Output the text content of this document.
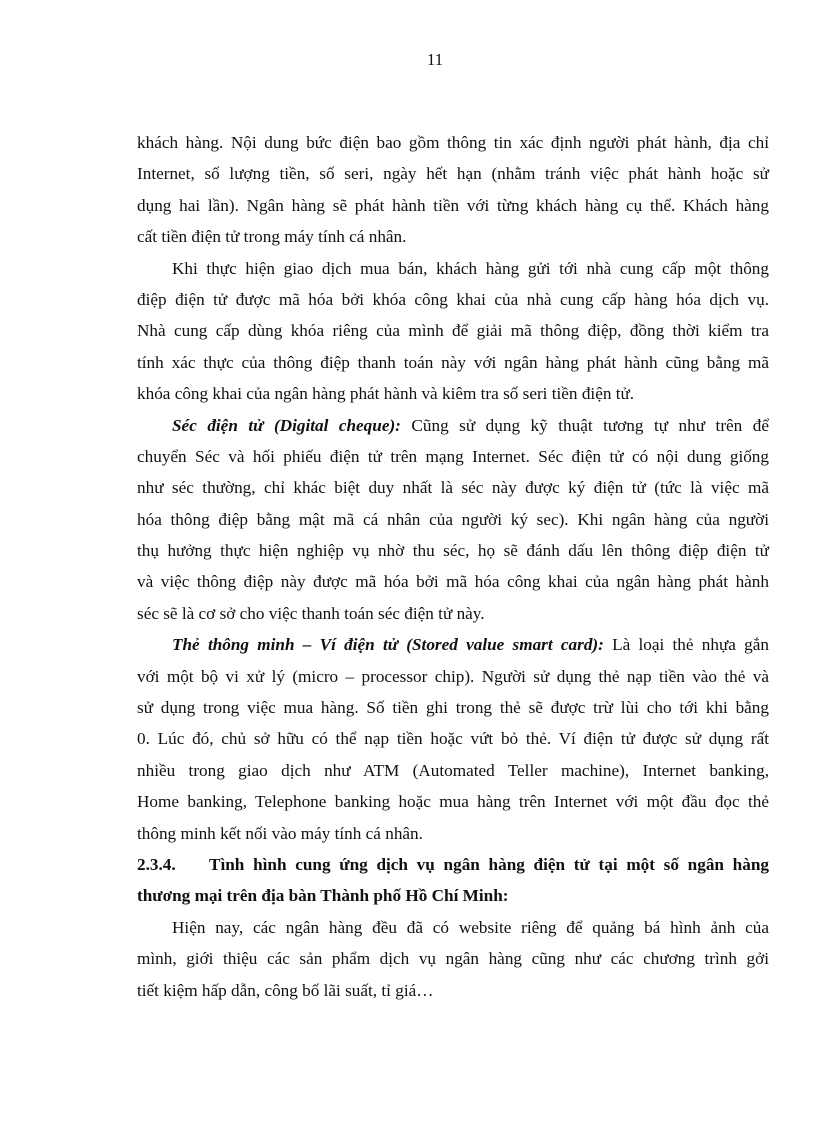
11
khách hàng. Nội dung bức điện bao gồm thông tin xác định người phát hành, địa chỉ
Internet, số lượng tiền, số seri, ngày hết hạn (nhằm tránh việc phát hành hoặc sử
dụng hai lần). Ngân hàng sẽ phát hành tiền với từng khách hàng cụ thể. Khách hàng
cất tiền điện tử trong máy tính cá nhân.
Khi thực hiện giao dịch mua bán, khách hàng gửi tới nhà cung cấp một thông
điệp điện tử được mã hóa bởi khóa công khai của nhà cung cấp hàng hóa dịch vụ.
Nhà cung cấp dùng khóa riêng của mình để giải mã thông điệp, đồng thời kiểm tra
tính xác thực của thông điệp thanh toán này với ngân hàng phát hành cũng bằng mã
khóa công khai của ngân hàng phát hành và kiêm tra số seri tiền điện tử.
Séc điện tử (Digital cheque): Cũng sử dụng kỹ thuật tương tự như trên để
chuyển Séc và hối phiếu điện tử trên mạng Internet. Séc điện tử có nội dung giống
như séc thường, chỉ khác biệt duy nhất là séc này được ký điện tử (tức là việc mã
hóa thông điệp bằng mật mã cá nhân của người ký sec). Khi ngân hàng của người
thụ hưởng thực hiện nghiệp vụ nhờ thu séc, họ sẽ đánh dấu lên thông điệp điện tử
và việc thông điệp này được mã hóa bởi mã hóa công khai của ngân hàng phát hành
séc sẽ là cơ sở cho việc thanh toán séc điện tử này.
Thẻ thông minh – Ví điện tử (Stored value smart card): Là loại thẻ nhựa gắn
với một bộ vi xử lý (micro – processor chip). Người sử dụng thẻ nạp tiền vào thẻ và
sử dụng trong việc mua hàng. Số tiền ghi trong thẻ sẽ được trừ lùi cho tới khi bằng
0. Lúc đó, chủ sở hữu có thể nạp tiền hoặc vứt bỏ thẻ. Ví điện tử được sử dụng rất
nhiều trong giao dịch như ATM (Automated Teller machine), Internet banking,
Home banking, Telephone banking hoặc mua hàng trên Internet với một đầu đọc thẻ
thông minh kết nối vào máy tính cá nhân.
2.3.4. Tình hình cung ứng dịch vụ ngân hàng điện tử tại một số ngân hàng
thương mại trên địa bàn Thành phố Hồ Chí Minh:
Hiện nay, các ngân hàng đều đã có website riêng để quảng bá hình ảnh của
mình, giới thiệu các sản phẩm dịch vụ ngân hàng cũng như các chương trình gởi
tiết kiệm hấp dẫn, công bố lãi suất, tỉ giá…
